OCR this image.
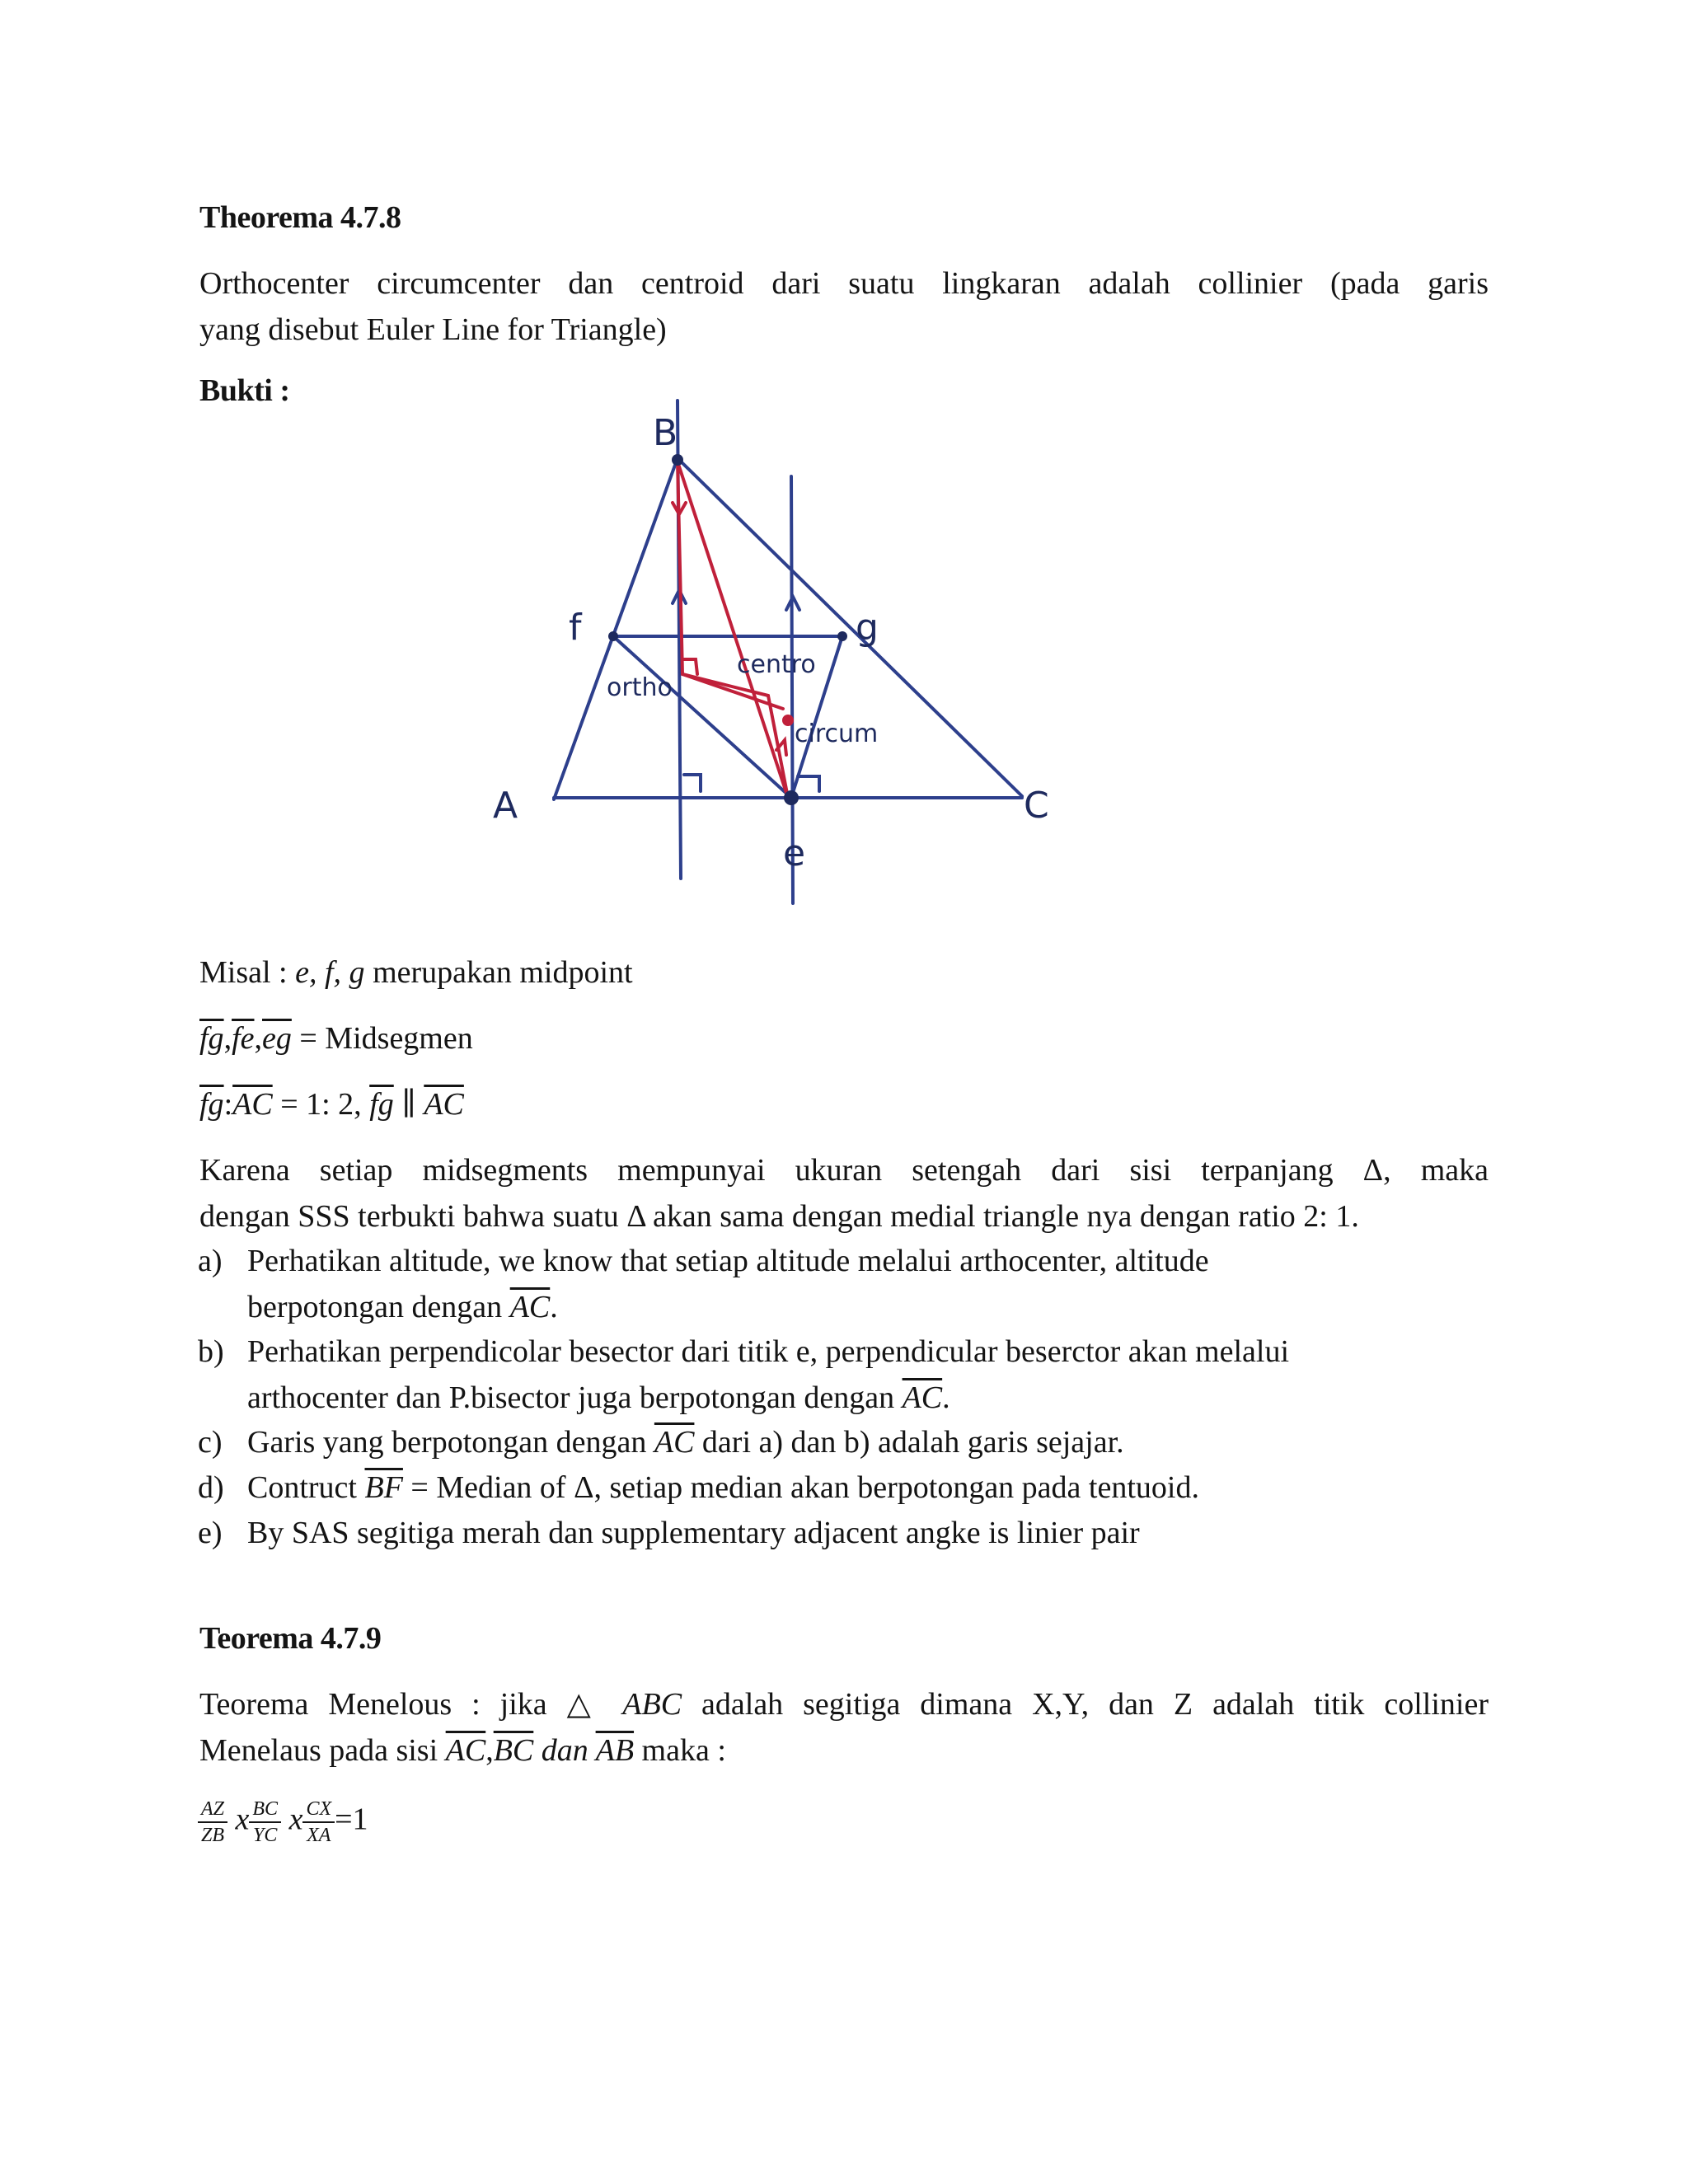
Theorema 4.7.8

Orthocenter circumcenter dan centroid dari suatu lingkaran adalah collinier (pada garis

yang disebut Euler Line for Triangle)

Bukti :

B
f	g
A	C
e
ortho
centro
circum

Misal : e, f, g merupakan midpoint

$\overline{fg},\overline{fe},\overline{eg}$ = Midsegmen

$\overline{fg}:\overline{AC} = 1$: 2, $\overline{fg}$ ∥ $\overline{AC}$

Karena setiap midsegments mempunyai ukuran setengah dari sisi terpanjang Δ, maka

dengan SSS terbukti bahwa suatu Δ akan sama dengan medial triangle nya dengan ratio 2: 1.

a) Perhatikan altitude, we know that setiap altitude melalui arthocenter, altitude
berpotongan dengan $\overline{AC}$.
b) Perhatikan perpendicolar besector dari titik e, perpendicular beserctor akan melalui
arthocenter dan P.bisector juga berpotongan dengan $\overline{AC}$.
c) Garis yang berpotongan dengan $\overline{AC}$ dari a) dan b) adalah garis sejajar.
d) Contruct $\overline{BF}$ = Median of Δ, setiap median akan berpotongan pada tentuoid.
e) By SAS segitiga merah dan supplementary adjacent angke is linier pair

Teorema 4.7.9

Teorema Menelous : jika △ ABC adalah segitiga dimana X,Y, dan Z adalah titik collinier

Menelaus pada sisi $\overline{AC},\overline{BC}$ dan $\overline{AB}$ maka :

$\frac{AZ}{ZB}$ x $\frac{BC}{YC}$ x $\frac{CX}{XA} =1$
